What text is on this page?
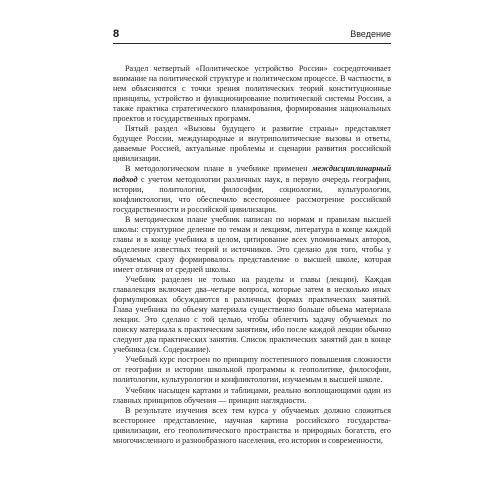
8	Введение

Раздел четвертый «Политическое устройство России» сосредоточивает внимание на политической структуре и политическом процессе. В частности, в нем объясняются с точки зрения политических теорий конституционные принципы, устройство и функционирование политической системы России, а также практика стратегического планирования, формирования национальных проектов и государственных программ.

Пятый раздел «Вызовы будущего и развитие страны» представляет будущее России, международные и внутриполитические вызовы и ответы, даваемые Россией, актуальные проблемы и сценарии развития российской цивилизации.

В методологическом плане в учебнике применен междисциплинарный подход с учетом методологии различных наук, в первую очередь географии, истории, политологии, философии, социологии, культурологии, конфликтологии, что обеспечило всестороннее рассмотрение российской государственности и российской цивилизации.

В методическом плане учебник написан по нормам и правилам высшей школы: структурное деление по темам и лекциям, литература в конце каждой главы и в конце учебника в целом, цитирование всех упоминаемых авторов, выделение известных теорий и источников. Это сделано для того, чтобы у обучаемых сразу формировалось представление о высшей школе, которая имеет отличия от средней школы.

Учебник разделен не только на разделы и главы (лекции). Каждая главалекция включает два–четыре вопроса, которые затем в несколько иных формулировках обсуждаются в различных формах практических занятий. Глава учебника по объему материала существенно больше объема материала лекции. Это сделано с той целью, чтобы облегчить задачу обучаемых по поиску материала к практическим занятиям, ибо после каждой лекции обычно следуют два практических занятия. Список практических занятий дан в конце учебника (см. Содержание).

Учебный курс построен по принципу постепенного повышения сложности от географии и истории школьной программы к геополитике, философии, политологии, культурологии и конфликтологии, изучаемым в высшей школе.

Учебник насыщен картами и таблицами, реально воплощающими один из главных принципов обучения — принцип наглядности.

В результате изучения всех тем курса у обучаемых должно сложиться всесторонее представление, научная картина российского государства-цивилизации, его геополитического пространства и природных богатств, его многочисленного и разнообразного населения, его истории и современности,
